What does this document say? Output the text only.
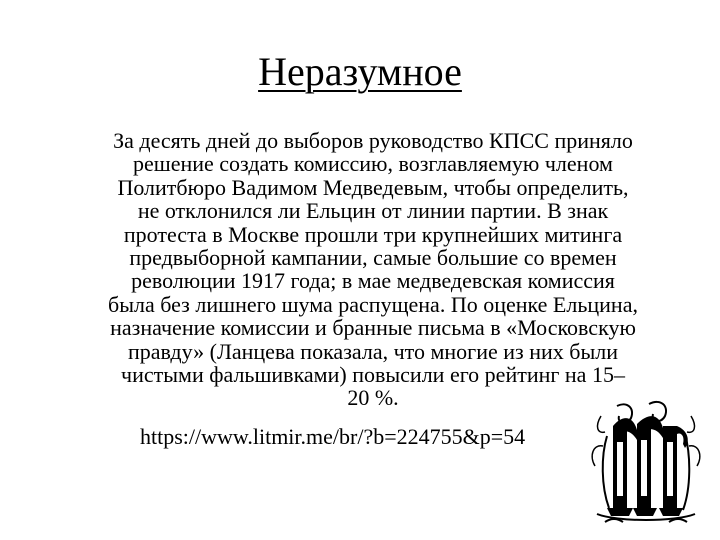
Неразумное
За десять дней до выборов руководство КПСС приняло
решение создать комиссию, возглавляемую членом
Политбюро Вадимом Медведевым, чтобы определить,
не отклонился ли Ельцин от линии партии. В знак
протеста в Москве прошли три крупнейших митинга
предвыборной кампании, самые большие со времен
революции 1917 года; в мае медведевская комиссия
была без лишнего шума распущена. По оценке Ельцина,
назначение комиссии и бранные письма в «Московскую
правду» (Ланцева показала, что многие из них были
чистыми фальшивками) повысили его рейтинг на 15–
20 %.
https://www.litmir.me/br/?b=224755&p=54
